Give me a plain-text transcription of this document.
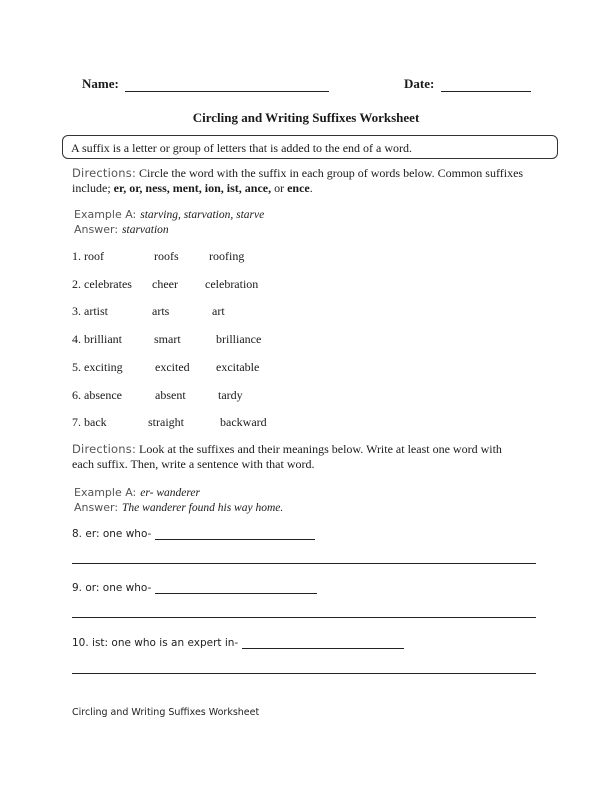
Name:	Date:
Circling and Writing Suffixes Worksheet
A suffix is a letter or group of letters that is added to the end of a word.
Directions: Circle the word with the suffix in each group of words below. Common suffixes
include; er, or, ness, ment, ion, ist, ance, or ence.
Example A: starving, starvation, starve
Answer: starvation
1. roof	roofs	roofing
2. celebrates cheer celebration
3. artist	arts	art
4. brilliant	smart	brilliance
5. exciting	excited excitable
6. absence	absent	tardy
7. back	straight	backward
Directions: Look at the suffixes and their meanings below. Write at least one word with
each suffix. Then, write a sentence with that word.
Example A: er- wanderer
Answer: The wanderer found his way home.
8. er: one who-
9. or: one who-
10. ist: one who is an expert in-
Circling and Writing Suffixes Worksheet
